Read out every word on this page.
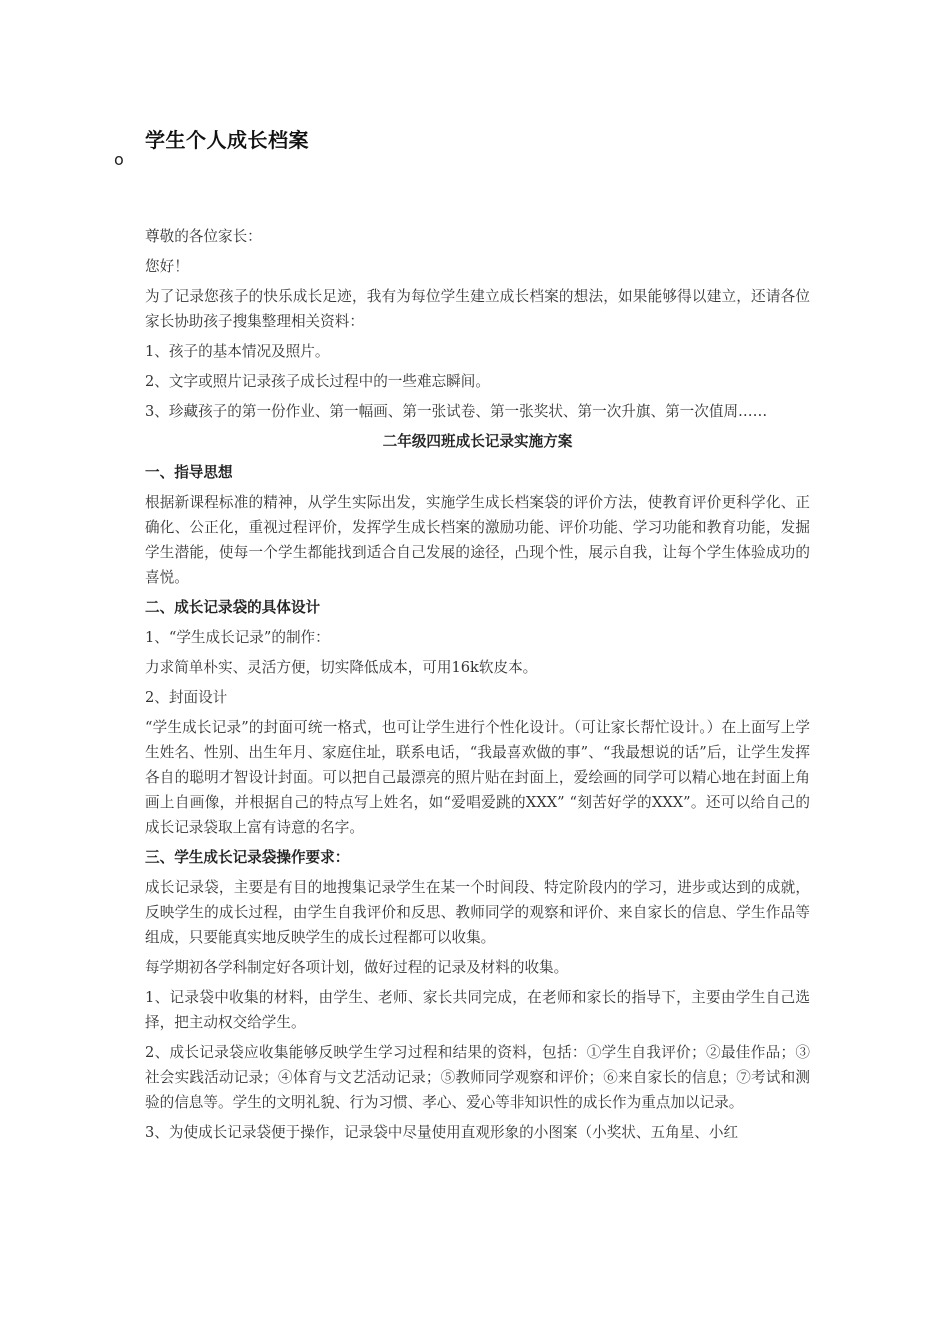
学生个人成长档案
o

尊敬的各位家长：

您好！

为了记录您孩子的快乐成长足迹，我有为每位学生建立成长档案的想法，如果能够得以建立，还请各位家长协助孩子搜集整理相关资料：

1、孩子的基本情况及照片。

2、文字或照片记录孩子成长过程中的一些难忘瞬间。

3、珍藏孩子的第一份作业、第一幅画、第一张试卷、第一张奖状、第一次升旗、第一次值周……

二年级四班成长记录实施方案
一、指导思想

根据新课程标准的精神，从学生实际出发，实施学生成长档案袋的评价方法，使教育评价更科学化、正确化、公正化，重视过程评价，发挥学生成长档案的激励功能、评价功能、学习功能和教育功能，发掘学生潜能，使每一个学生都能找到适合自己发展的途径，凸现个性，展示自我，让每个学生体验成功的喜悦。

二、成长记录袋的具体设计

1、“学生成长记录”的制作：

力求简单朴实、灵活方便，切实降低成本，可用16k软皮本。

2、封面设计

“学生成长记录”的封面可统一格式，也可让学生进行个性化设计。（可让家长帮忙设计。）在上面写上学生姓名、性别、出生年月、家庭住址，联系电话，“我最喜欢做的事”、“我最想说的话”后，让学生发挥各自的聪明才智设计封面。可以把自己最漂亮的照片贴在封面上，爱绘画的同学可以精心地在封面上角画上自画像，并根据自己的特点写上姓名，如“爱唱爱跳的XXX” “刻苦好学的XXX”。还可以给自己的成长记录袋取上富有诗意的名字。

三、学生成长记录袋操作要求：

成长记录袋，主要是有目的地搜集记录学生在某一个时间段、特定阶段内的学习，进步或达到的成就，反映学生的成长过程，由学生自我评价和反思、教师同学的观察和评价、来自家长的信息、学生作品等组成，只要能真实地反映学生的成长过程都可以收集。

每学期初各学科制定好各项计划，做好过程的记录及材料的收集。

1、记录袋中收集的材料，由学生、老师、家长共同完成，在老师和家长的指导下，主要由学生自己选择，把主动权交给学生。

2、成长记录袋应收集能够反映学生学习过程和结果的资料，包括：①学生自我评价；②最佳作品；③社会实践活动记录；④体育与文艺活动记录；⑤教师同学观察和评价；⑥来自家长的信息；⑦考试和测验的信息等。学生的文明礼貌、行为习惯、孝心、爱心等非知识性的成长作为重点加以记录。

3、为使成长记录袋便于操作，记录袋中尽量使用直观形象的小图案（小奖状、五角星、小红
